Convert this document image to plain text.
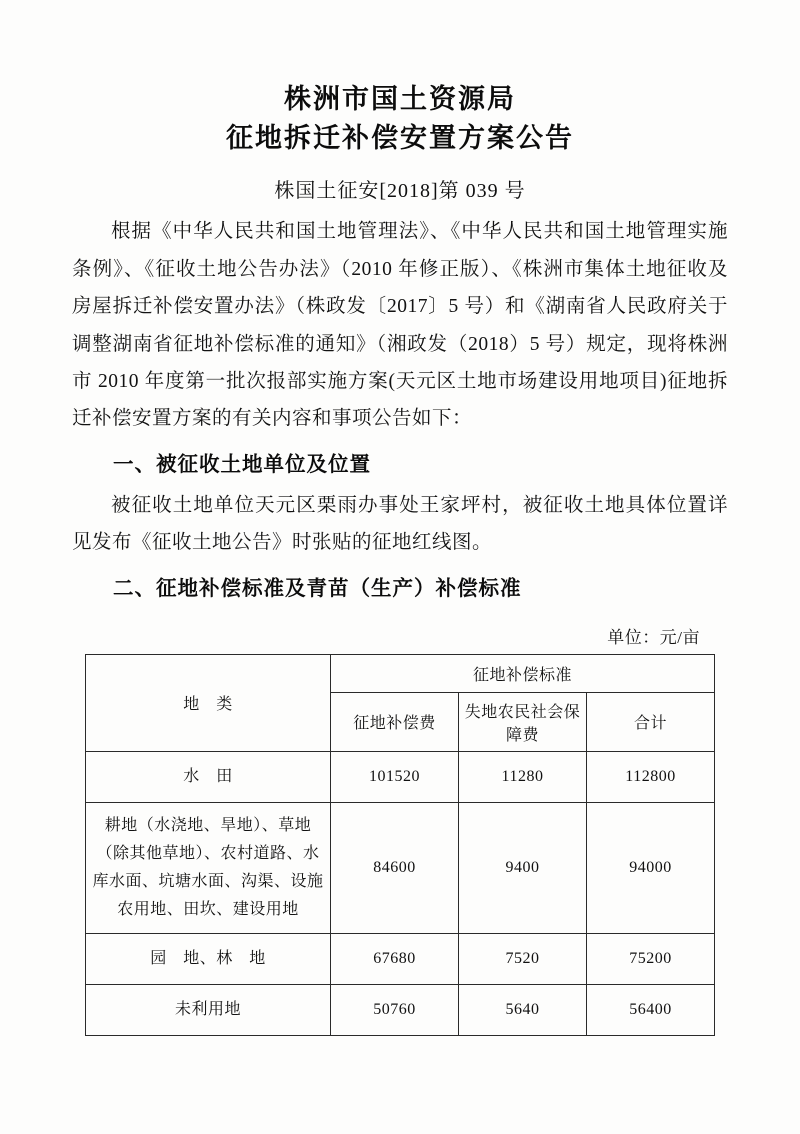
株洲市国土资源局
征地拆迁补偿安置方案公告
株国土征安[2018]第 039 号

根据《中华人民共和国土地管理法》、《中华人民共和国土地管理实施条例》、《征收土地公告办法》（2010 年修正版）、《株洲市集体土地征收及房屋拆迁补偿安置办法》（株政发〔2017〕5 号）和《湖南省人民政府关于调整湖南省征地补偿标准的通知》（湘政发（2018）5 号）规定，现将株洲市 2010 年度第一批次报部实施方案(天元区土地市场建设用地项目)征地拆迁补偿安置方案的有关内容和事项公告如下：

一、被征收土地单位及位置

被征收土地单位天元区栗雨办事处王家坪村，被征收土地具体位置详见发布《征收土地公告》时张贴的征地红线图。

二、征地补偿标准及青苗（生产）补偿标准
单位：元/亩
地　类	征地补偿标准		
	征地补偿费	失地农民社会保障费	合计
水　田	101520	11280	112800
耕地（水浇地、旱地）、草地（除其他草地）、农村道路、水库水面、坑塘水面、沟渠、设施农用地、田坎、建设用地	84600	9400	94000
园　地、林　地	67680	7520	75200
未利用地	50760	5640	56400
